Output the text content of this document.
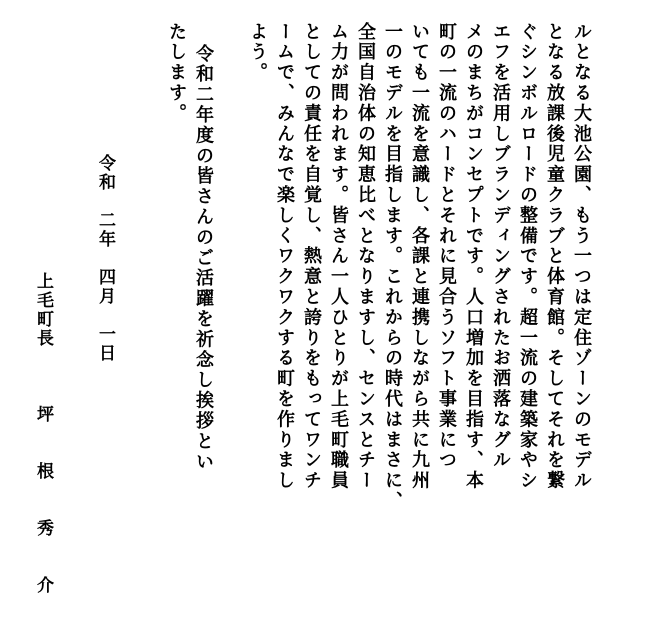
ルとなる大池公園、もう一つは定住ゾーンのモデル
となる放課後児童クラブと体育館。そしてそれを繋
ぐシンボルロードの整備です。超一流の建築家やシ
エフを活用しブランディングされたお洒落なグル
メのまちがコンセプトです。人口増加を目指す、本
町の一流のハードとそれに見合うソフト事業につ
いても一流を意識し、各課と連携しながら共に九州
一のモデルを目指します。これからの時代はまさに、
全国自治体の知恵比べとなりますし、センスとチー
ム力が問われます。皆さん一人ひとりが上毛町職員
としての責任を自覚し、熱意と誇りをもってワンチ
ームで、みんなで楽しくワクワクする町を作りまし
よう。
令和二年度の皆さんのご活躍を祈念し挨拶とい
たします。
令和　二年　四月　一日
上毛町長　　　坪　　根　　秀　　介
